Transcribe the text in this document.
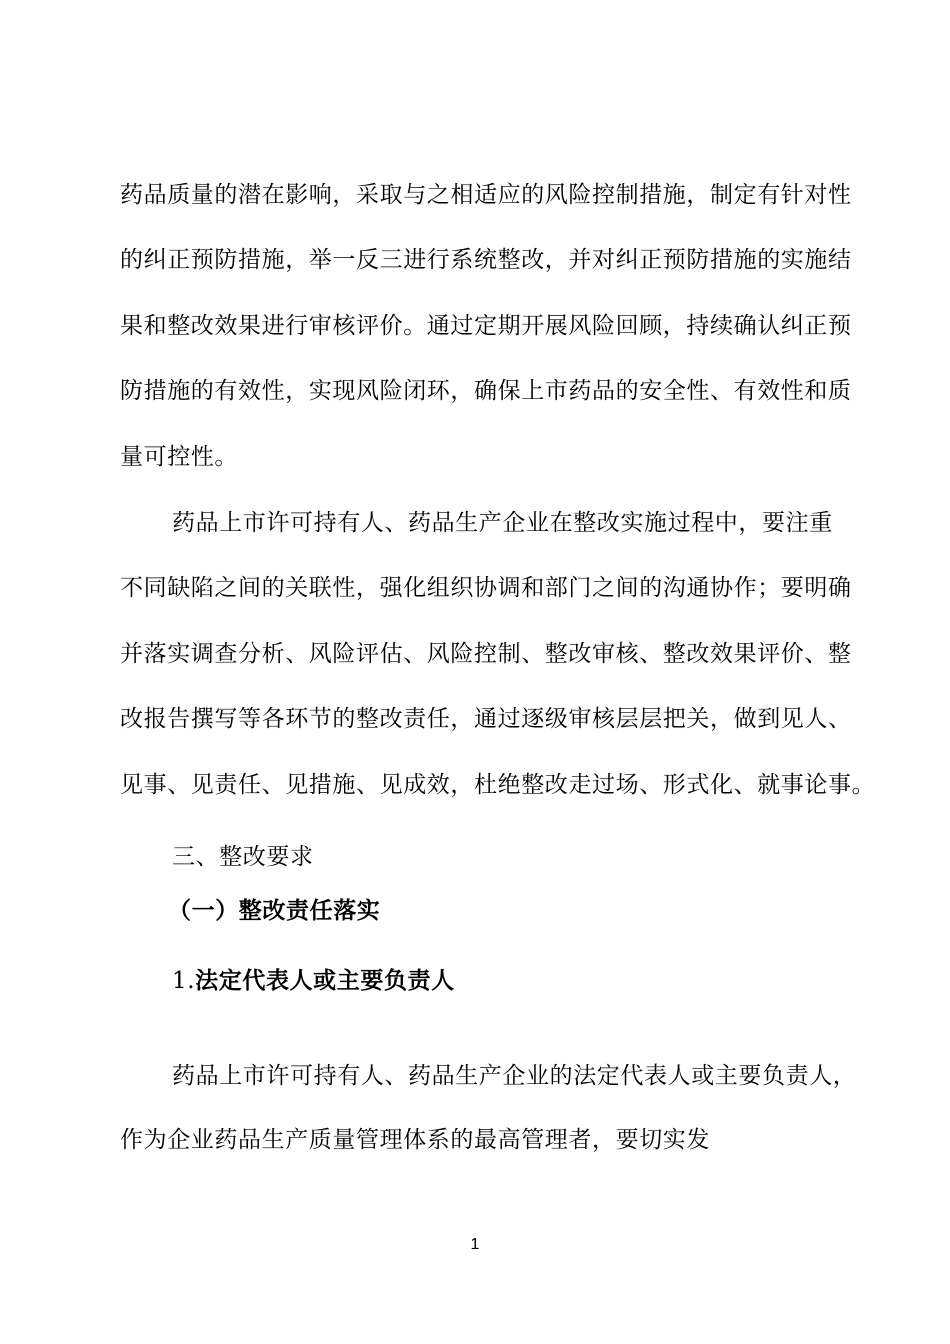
药品质量的潜在影响，采取与之相适应的风险控制措施，制定有针对性
的纠正预防措施，举一反三进行系统整改，并对纠正预防措施的实施结
果和整改效果进行审核评价。通过定期开展风险回顾，持续确认纠正预
防措施的有效性，实现风险闭环，确保上市药品的安全性、有效性和质
量可控性。
药品上市许可持有人、药品生产企业在整改实施过程中，要注重
不同缺陷之间的关联性，强化组织协调和部门之间的沟通协作；要明确
并落实调查分析、风险评估、风险控制、整改审核、整改效果评价、整
改报告撰写等各环节的整改责任，通过逐级审核层层把关，做到见人、
见事、见责任、见措施、见成效，杜绝整改走过场、形式化、就事论事。
三、整改要求
（一）整改责任落实
1.法定代表人或主要负责人
药品上市许可持有人、药品生产企业的法定代表人或主要负责人，
作为企业药品生产质量管理体系的最高管理者，要切实发
1
